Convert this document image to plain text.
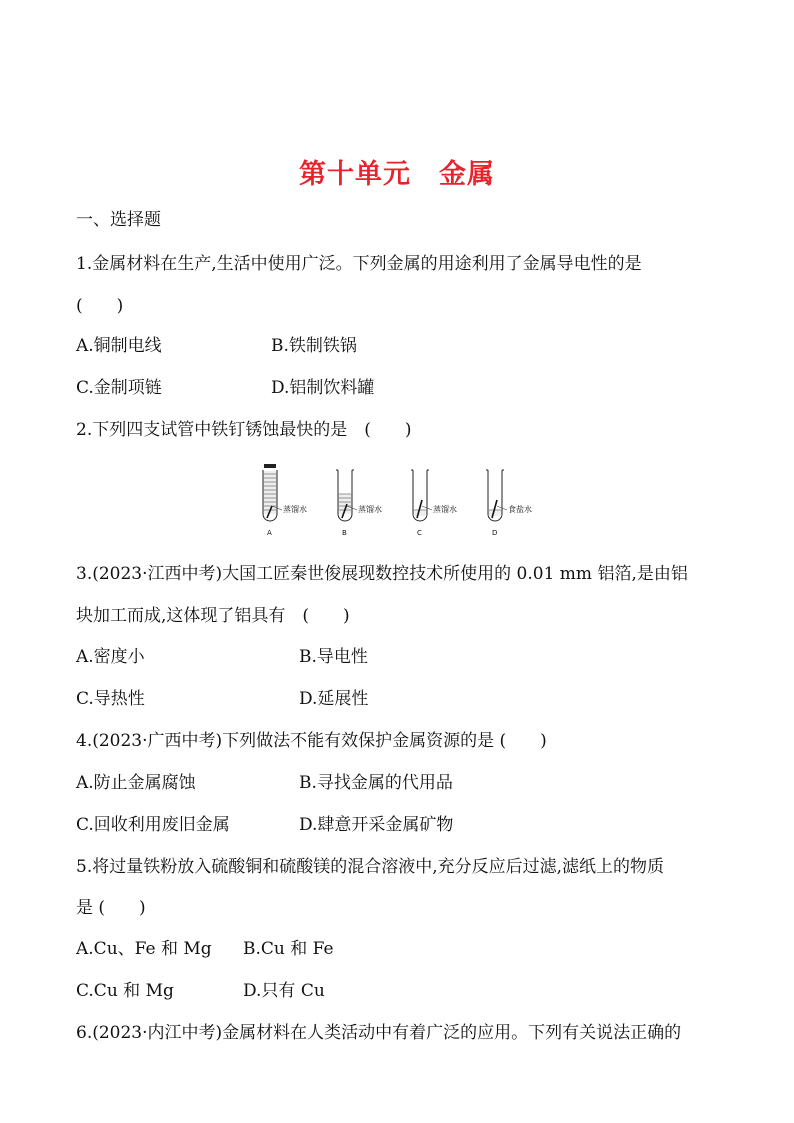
第十单元　金属
一、选择题
1.金属材料在生产,生活中使用广泛。下列金属的用途利用了金属导电性的是
(　　)
A.铜制电线	B.铁制铁锅
C.金制项链	D.铝制饮料罐
2.下列四支试管中铁钉锈蚀最快的是　(　　)
蒸馏水
A
蒸馏水
B
蒸馏水
C
食盐水
D
3.(2023·江西中考)大国工匠秦世俊展现数控技术所使用的 0.01 mm 铝箔,是由铝
块加工而成,这体现了铝具有　(　　)
A.密度小	B.导电性
C.导热性	D.延展性
4.(2023·广西中考)下列做法不能有效保护金属资源的是 (　　)
A.防止金属腐蚀	B.寻找金属的代用品
C.回收利用废旧金属	D.肆意开采金属矿物
5.将过量铁粉放入硫酸铜和硫酸镁的混合溶液中,充分反应后过滤,滤纸上的物质
是 (　　)
A.Cu、Fe 和 Mg B.Cu 和 Fe
C.Cu 和 Mg	D.只有 Cu
6.(2023·内江中考)金属材料在人类活动中有着广泛的应用。下列有关说法正确的
